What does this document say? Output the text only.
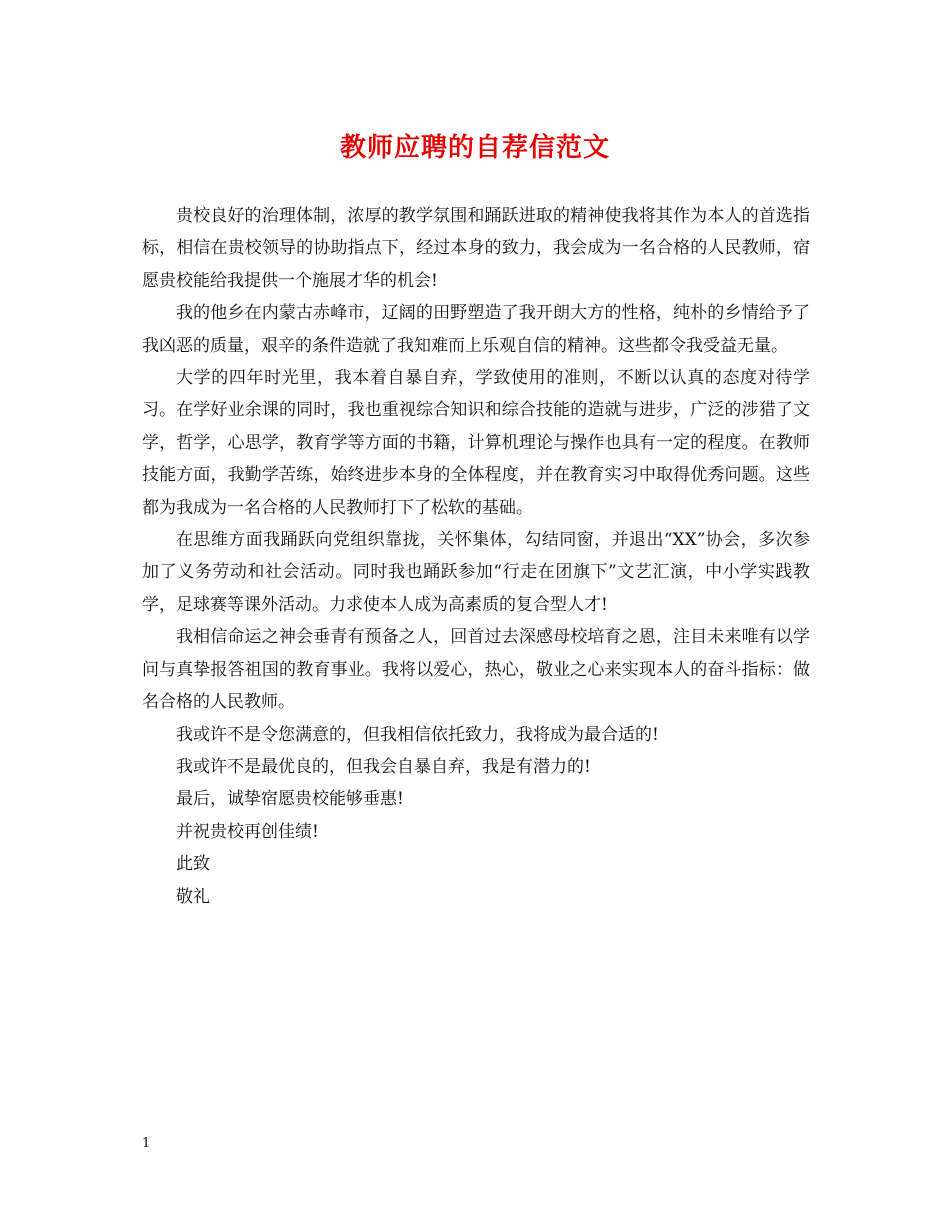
教师应聘的自荐信范文

贵校良好的治理体制，浓厚的教学氛围和踊跃进取的精神使我将其作为本人的首选指标，相信在贵校领导的协助指点下，经过本身的致力，我会成为一名合格的人民教师，宿愿贵校能给我提供一个施展才华的机会!

我的他乡在内蒙古赤峰市，辽阔的田野塑造了我开朗大方的性格，纯朴的乡情给予了我凶恶的质量，艰辛的条件造就了我知难而上乐观自信的精神。这些都令我受益无量。

大学的四年时光里，我本着自暴自弃，学致使用的准则，不断以认真的态度对待学习。在学好业余课的同时，我也重视综合知识和综合技能的造就与进步，广泛的涉猎了文学，哲学，心思学，教育学等方面的书籍，计算机理论与操作也具有一定的程度。在教师技能方面，我勤学苦练，始终进步本身的全体程度，并在教育实习中取得优秀问题。这些都为我成为一名合格的人民教师打下了松软的基础。

在思维方面我踊跃向党组织靠拢，关怀集体，勾结同窗，并退出“XX”协会，多次参加了义务劳动和社会活动。同时我也踊跃参加“行走在团旗下”文艺汇演，中小学实践教学，足球赛等课外活动。力求使本人成为高素质的复合型人才!

我相信命运之神会垂青有预备之人，回首过去深感母校培育之恩，注目未来唯有以学问与真挚报答祖国的教育事业。我将以爱心，热心，敬业之心来实现本人的奋斗指标：做名合格的人民教师。

我或许不是令您满意的，但我相信依托致力，我将成为最合适的!

我或许不是最优良的，但我会自暴自弃，我是有潜力的!

最后，诚挚宿愿贵校能够垂惠!

并祝贵校再创佳绩!

此致

敬礼

1
